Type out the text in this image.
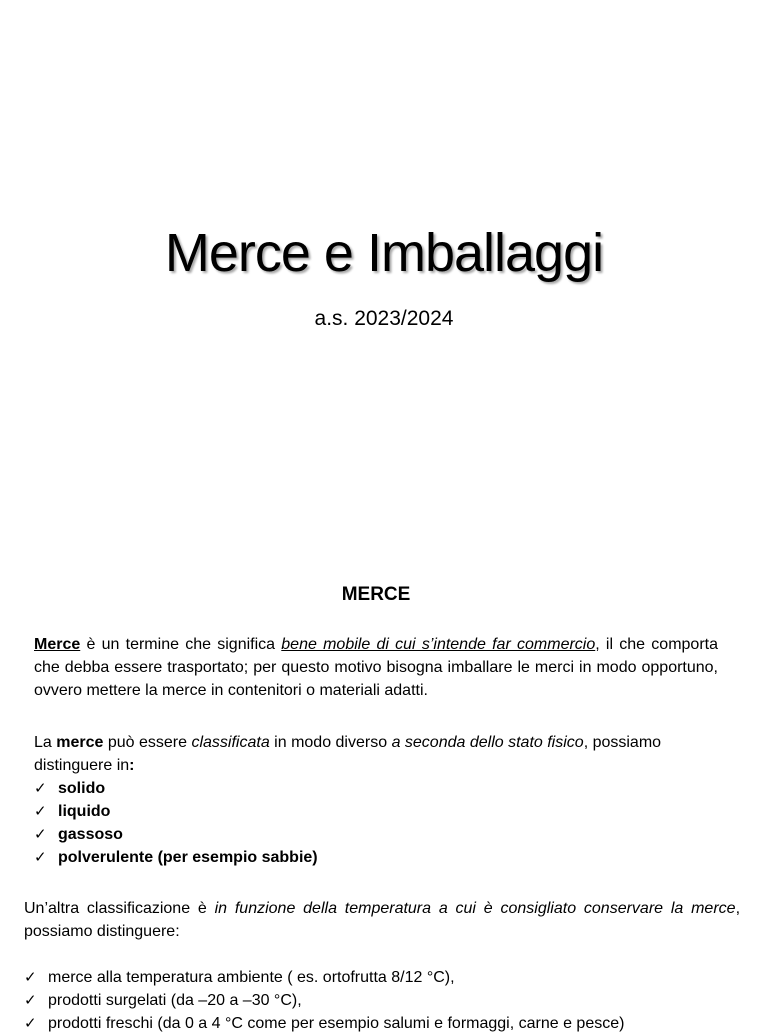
Merce e Imballaggi
a.s. 2023/2024
MERCE
Merce è un termine che significa bene mobile di cui s’intende far commercio, il che comporta che debba essere trasportato; per questo motivo bisogna imballare le merci in modo opportuno, ovvero mettere la merce in contenitori o materiali adatti.
La merce può essere classificata in modo diverso a seconda dello stato fisico, possiamo distinguere in:
✓ solido
✓ liquido
✓ gassoso
✓ polverulente (per esempio sabbie)
Un’altra classificazione è in funzione della temperatura a cui è consigliato conservare la merce, possiamo distinguere:
✓ merce alla temperatura ambiente ( es. ortofrutta 8/12 °C),
✓ prodotti surgelati (da –20 a –30 °C),
✓ prodotti freschi (da 0 a 4 °C come per esempio salumi e formaggi, carne e pesce)
